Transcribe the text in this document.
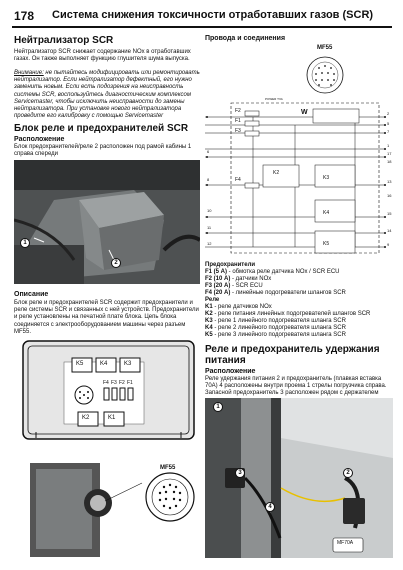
178 Система снижения токсичности отработавших газов (SCR)
Нейтрализатор SCR
Нейтрализатор SCR снижает содержание NOx в отработавших газах. Он также выполняет функцию глушителя шума выпуска.
Внимание: не пытайтесь модифицировать или ремонтировать нейтрализатор. Если нейтрализатор дефектный, его нужно заменить новым. Если есть подозрения на неисправность системы SCR, воспользуйтесь диагностическим комплексом Servicemaster, чтобы исключить неисправности до замены нейтрализатора. При установке нового нейтрализатора проведите его калибровку с помощью Servicemaster
Блок реле и предохранителей SCR
Расположение
Блок предохранителей/реле 2 расположен под рамой кабины 1 справа спереди
1
2
Описание
Блок реле и предохранителей SCR содержит предохранители и реле системы SCR и связанных с ней устройств. Предохранители и реле установлены на печатной плате блока. Цепь блока соединяется с электрооборудованием машины через разъем MF55.
K5	K4	K3
F4 F3 F2 F1
K2	K1
MF55
Провода и соединения
MF55
POWER TVA
F2
F1
F3
F4
W
K2
K3
K4
K5
6
8
10
11
12
2
5
7
1
17
18
13
16
15
14
9
Предохранители
F1 (5 А) - обмотка реле датчика NOx / SCR ECU
F2 (10 А) - датчики NOx
F3 (20 А) - SCR ECU
F4 (20 А) - линейные подогреватели шлангов SCR
Реле
K1 - реле датчиков NOx
K2 - реле питания линейных подогревателей шлангов SCR
K3 - реле 1 линейного подогревателя шланга SCR
K4 - реле 2 линейного подогревателя шланга SCR
K5 - реле 3 линейного подогревателя шланга SCR
Реле и предохранитель удержания питания
Расположение
Реле удержания питания 2 и предохранитель (плавкая вставка 70А) 4 расположены внутри проема 1 стрелы погрузчика справа. Запасной предохранитель 3 расположен рядом с держателем
1
2
3
4
MF70A
